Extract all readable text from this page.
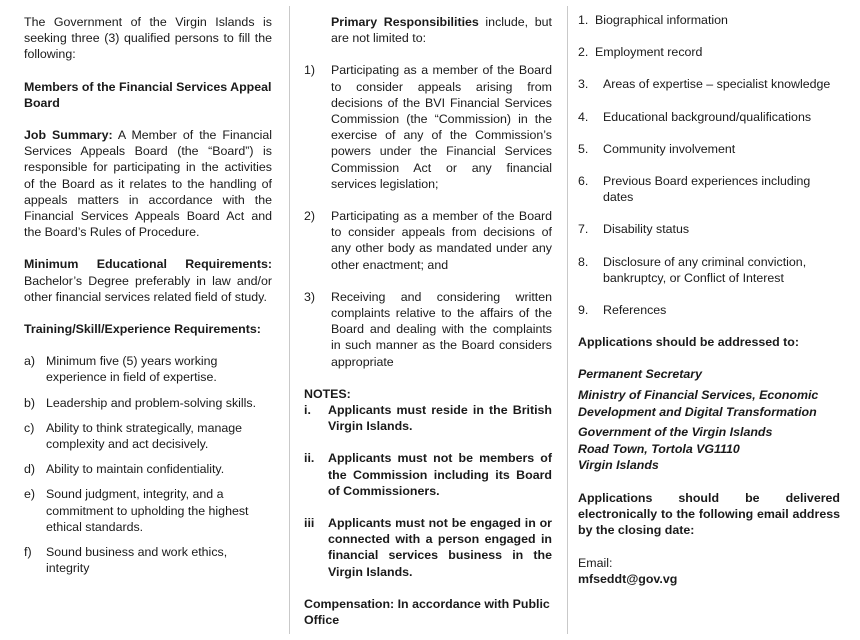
The Government of the Virgin Islands is seeking three (3) qualified persons to fill the following:

Members of the Financial Services Appeal Board

Job Summary: A Member of the Financial Services Appeals Board (the “Board”) is responsible for participating in the activities of the Board as it relates to the handling of appeals matters in accordance with the Financial Services Appeals Board Act and the Board’s Rules of Procedure.

Minimum Educational Requirements: Bachelor’s Degree preferably in law and/or other financial services related field of study.

Training/Skill/Experience Requirements:

a) Minimum five (5) years working experience in field of expertise.
b) Leadership and problem-solving skills.
c) Ability to think strategically, manage complexity and act decisively.
d) Ability to maintain confidentiality.
e) Sound judgment, integrity, and a commitment to upholding the highest ethical standards.
f)	Sound business and work ethics, integrity

Primary Responsibilities include, but are not limited to:

1)	Participating as a member of the Board to consider appeals arising from decisions of the BVI Financial Services Commission (the “Commission) in the exercise of any of the Commission’s powers under the Financial Services Commission Act or any financial services legislation;
2)	Participating as a member of the Board to consider appeals from decisions of any other body as mandated under any other enactment; and
3)	Receiving and considering written complaints relative to the affairs of the Board and dealing with the complaints in such manner as the Board considers appropriate

NOTES:

i.	Applicants must reside in the British Virgin Islands.
ii.	Applicants must not be members of the Commission including its Board of Commissioners.
iii	Applicants must not be engaged in or connected with a person engaged in financial services business in the Virgin Islands.

Compensation: In accordance with Public Office

1. Biographical information
2. Employment record
3.	Areas of expertise – specialist knowledge
4.	Educational background/qualifications
5.	Community involvement
6.	Previous Board experiences including dates
7.	Disability status
8.	Disclosure of any criminal conviction, bankruptcy, or Conflict of Interest
9.	References

Applications should be addressed to:

Permanent Secretary

Ministry of Financial Services, Economic Development and Digital Transformation

Government of the Virgin Islands

Road Town, Tortola VG1110

Virgin Islands

Applications should be delivered electronically to the following email address by the closing date:

Email:

mfseddt@gov.vg
